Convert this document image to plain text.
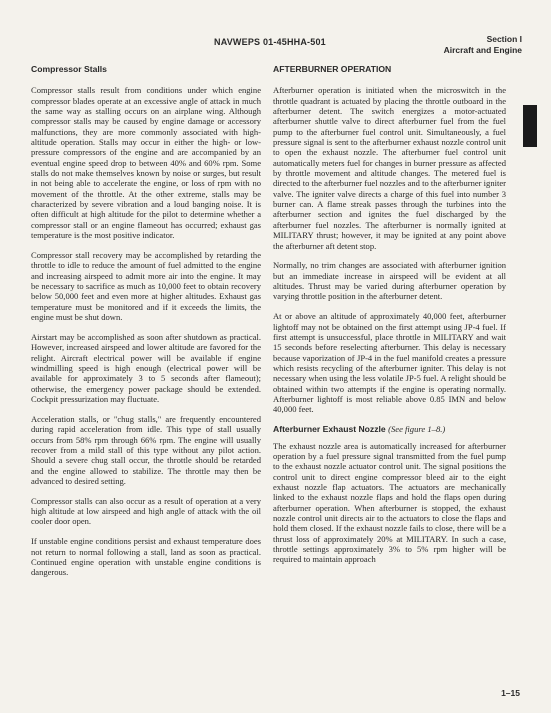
NAVWEPS 01-45HHA-501	Section I
Aircraft and Engine
Compressor Stalls

Compressor stalls result from conditions under which engine compressor blades operate at an excessive angle of attack in much the same way as stalling occurs on an airplane wing. Although compressor stalls may be caused by engine damage or accessory malfunctions, they are more commonly associated with high-altitude operation. Stalls may occur in either the high- or low-pressure compressors of the engine and are accompanied by an eventual engine speed drop to between 40% and 60% rpm. Some stalls do not make themselves known by noise or surges, but result in not being able to accelerate the engine, or loss of rpm with no movement of the throttle. At the other extreme, stalls may be characterized by severe vibration and a loud banging noise. It is often difficult at high altitude for the pilot to determine whether a compressor stall or an engine flameout has occurred; exhaust gas temperature is the most positive indicator.

Compressor stall recovery may be accomplished by retarding the throttle to idle to reduce the amount of fuel admitted to the engine and increasing airspeed to admit more air into the engine. It may be necessary to sacrifice as much as 10,000 feet to obtain recovery below 50,000 feet and even more at higher altitudes. Exhaust gas temperature must be monitored and if it exceeds the limits, the engine must be shut down.

Airstart may be accomplished as soon after shutdown as practical. However, increased airspeed and lower altitude are favored for the relight. Aircraft electrical power will be available if engine windmilling speed is high enough (electrical power will be available for approximately 3 to 5 seconds after flameout); otherwise, the emergency power package should be extended. Cockpit pressurization may fluctuate.

Acceleration stalls, or "chug stalls," are frequently encountered during rapid acceleration from idle. This type of stall usually occurs from 58% rpm through 66% rpm. The engine will usually recover from a mild stall of this type without any pilot action. Should a severe chug stall occur, the throttle should be retarded and the engine allowed to stabilize. The throttle may then be advanced to desired setting.

Compressor stalls can also occur as a result of operation at a very high altitude at low airspeed and high angle of attack with the oil cooler door open.

If unstable engine conditions persist and exhaust temperature does not return to normal following a stall, land as soon as practical. Continued engine operation with unstable engine conditions is dangerous.

AFTERBURNER OPERATION

Afterburner operation is initiated when the microswitch in the throttle quadrant is actuated by placing the throttle outboard in the afterburner detent. The switch energizes a motor-actuated afterburner shuttle valve to direct afterburner fuel from the fuel pump to the afterburner fuel control unit. Simultaneously, a fuel pressure signal is sent to the afterburner exhaust nozzle control unit to open the exhaust nozzle. The afterburner fuel control unit automatically meters fuel for changes in burner pressure as affected by throttle movement and altitude changes. The metered fuel is directed to the afterburner fuel nozzles and to the afterburner igniter valve. The igniter valve directs a charge of this fuel into number 3 burner can. A flame streak passes through the turbines into the afterburner section and ignites the fuel discharged by the afterburner fuel nozzles. The afterburner is normally ignited at MILITARY thrust; however, it may be ignited at any point above the afterburner aft detent stop.

Normally, no trim changes are associated with afterburner ignition but an immediate increase in airspeed will be evident at all altitudes. Thrust may be varied during afterburner operation by varying throttle position in the afterburner detent.

At or above an altitude of approximately 40,000 feet, afterburner lightoff may not be obtained on the first attempt using JP-4 fuel. If first attempt is unsuccessful, place throttle in MILITARY and wait 15 seconds before reselecting afterburner. This delay is necessary because vaporization of JP-4 in the fuel manifold creates a pressure which resists recycling of the afterburner igniter. This delay is not necessary when using the less volatile JP-5 fuel. A relight should be obtained within two attempts if the engine is operating normally. Afterburner lightoff is most reliable above 0.85 IMN and below 40,000 feet.

Afterburner Exhaust Nozzle (See figure 1–8.)

The exhaust nozzle area is automatically increased for afterburner operation by a fuel pressure signal transmitted from the fuel pump to the exhaust nozzle actuator control unit. The signal positions the control unit to direct engine compressor bleed air to the eight exhaust nozzle flap actuators. The actuators are mechanically linked to the exhaust nozzle flaps and hold the flaps open during afterburner operation. When afterburner is stopped, the exhaust nozzle control unit directs air to the actuators to close the flaps and hold them closed. If the exhaust nozzle fails to close, there will be a thrust loss of approximately 20% at MILITARY. In such a case, throttle settings approximately 3% to 5% rpm higher will be required to maintain approach

1–15
